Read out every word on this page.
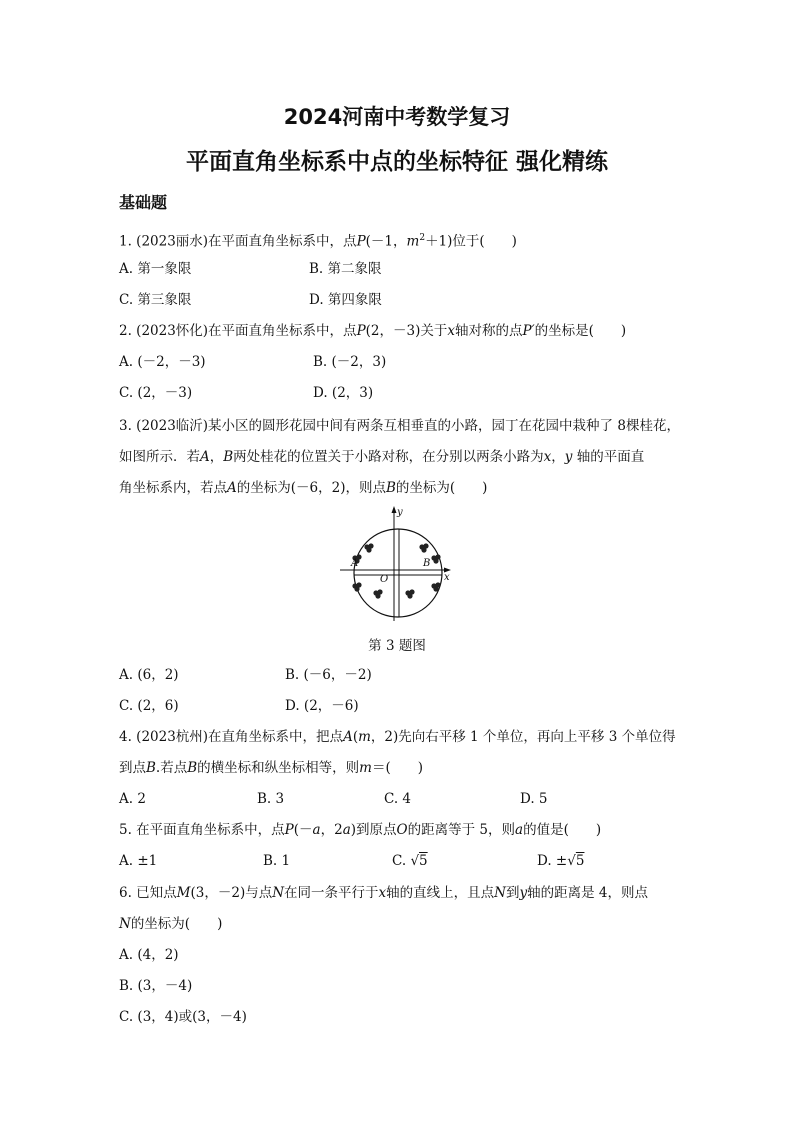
2024河南中考数学复习
平面直角坐标系中点的坐标特征 强化精练
基础题
1. (2023丽水)在平面直角坐标系中，点P(－1，$m^2+1$)位于(　　)
A. 第一象限	B. 第二象限
C. 第三象限	D. 第四象限
2. (2023怀化)在平面直角坐标系中，点P(2，－3)关于x轴对称的点P′的坐标是(　　)
A. (－2，－3)	B. (－2，3)
C. (2，－3)	D. (2，3)
3. (2023临沂)某小区的圆形花园中间有两条互相垂直的小路，园丁在花园中栽种了 8棵桂花，
如图所示．若A，B两处桂花的位置关于小路对称，在分别以两条小路为x，y 轴的平面直
角坐标系内，若点A的坐标为(－6，2)，则点B的坐标为(　　)
y
x
A	B
O
第 3 题图
A. (6，2)	B. (－6，－2)
C. (2，6)	D. (2，－6)
4. (2023杭州)在直角坐标系中，把点A(m，2)先向右平移 1 个单位，再向上平移 3 个单位得
到点B.若点B的横坐标和纵坐标相等，则m＝(　　)
A. 2	B. 3	C. 4	D. 5
5. 在平面直角坐标系中，点P(－a，2a)到原点O的距离等于 5，则a的值是(　　)
A. ±1	B. 1	C. √5	D. ±√5
6. 已知点M(3，－2)与点N在同一条平行于x轴的直线上，且点N到y轴的距离是 4，则点
N的坐标为(　　)
A. (4，2)
B. (3，－4)
C. (3，4)或(3，－4)
